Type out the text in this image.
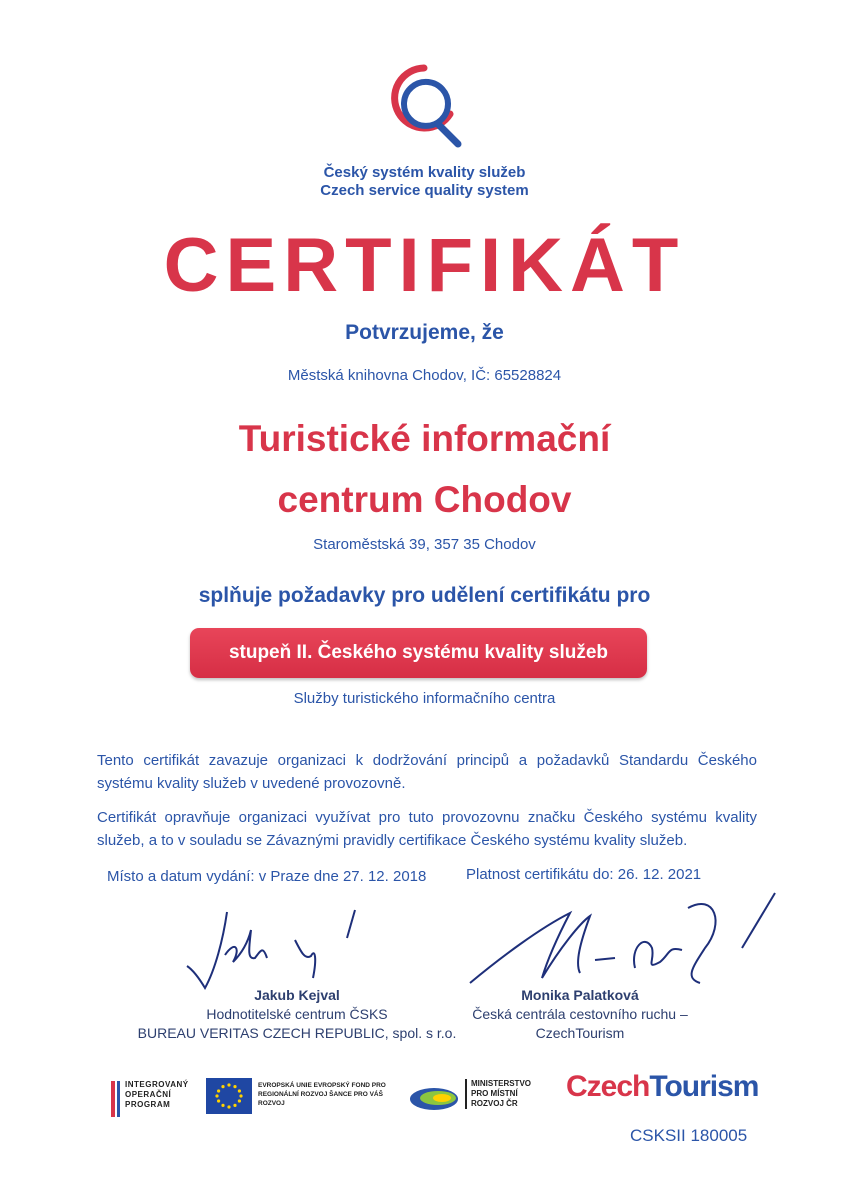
Český systém kvality služeb
Czech service quality system
CERTIFIKÁT
Potvrzujeme, že
Městská knihovna Chodov, IČ: 65528824
Turistické informační
centrum Chodov
Staroměstská 39, 357 35 Chodov
splňuje požadavky pro udělení certifikátu pro
stupeň II. Českého systému kvality služeb
Služby turistického informačního centra
Tento certifikát zavazuje organizaci k dodržování principů a požadavků Standardu Českého systému kvality služeb v uvedené provozovně.
Certifikát opravňuje organizaci využívat pro tuto provozovnu značku Českého systému kvality služeb, a to v souladu se Závaznými pravidly certifikace Českého systému kvality služeb.
Místo a datum vydání: v Praze dne 27. 12. 2018	Platnost certifikátu do: 26. 12. 2021
Jakub Kejval
Hodnotitelské centrum ČSKS
BUREAU VERITAS CZECH REPUBLIC, spol. s r.o.
Monika Palatková
Česká centrála cestovního ruchu –
CzechTourism
INTEGROVANÝ OPERAČNÍ PROGRAM
EVROPSKÁ UNIE EVROPSKÝ FOND PRO REGIONÁLNÍ ROZVOJ ŠANCE PRO VÁŠ ROZVOJ
MINISTERSTVO PRO MÍSTNÍ ROZVOJ ČR
CzechTourism
CSKSII 180005
